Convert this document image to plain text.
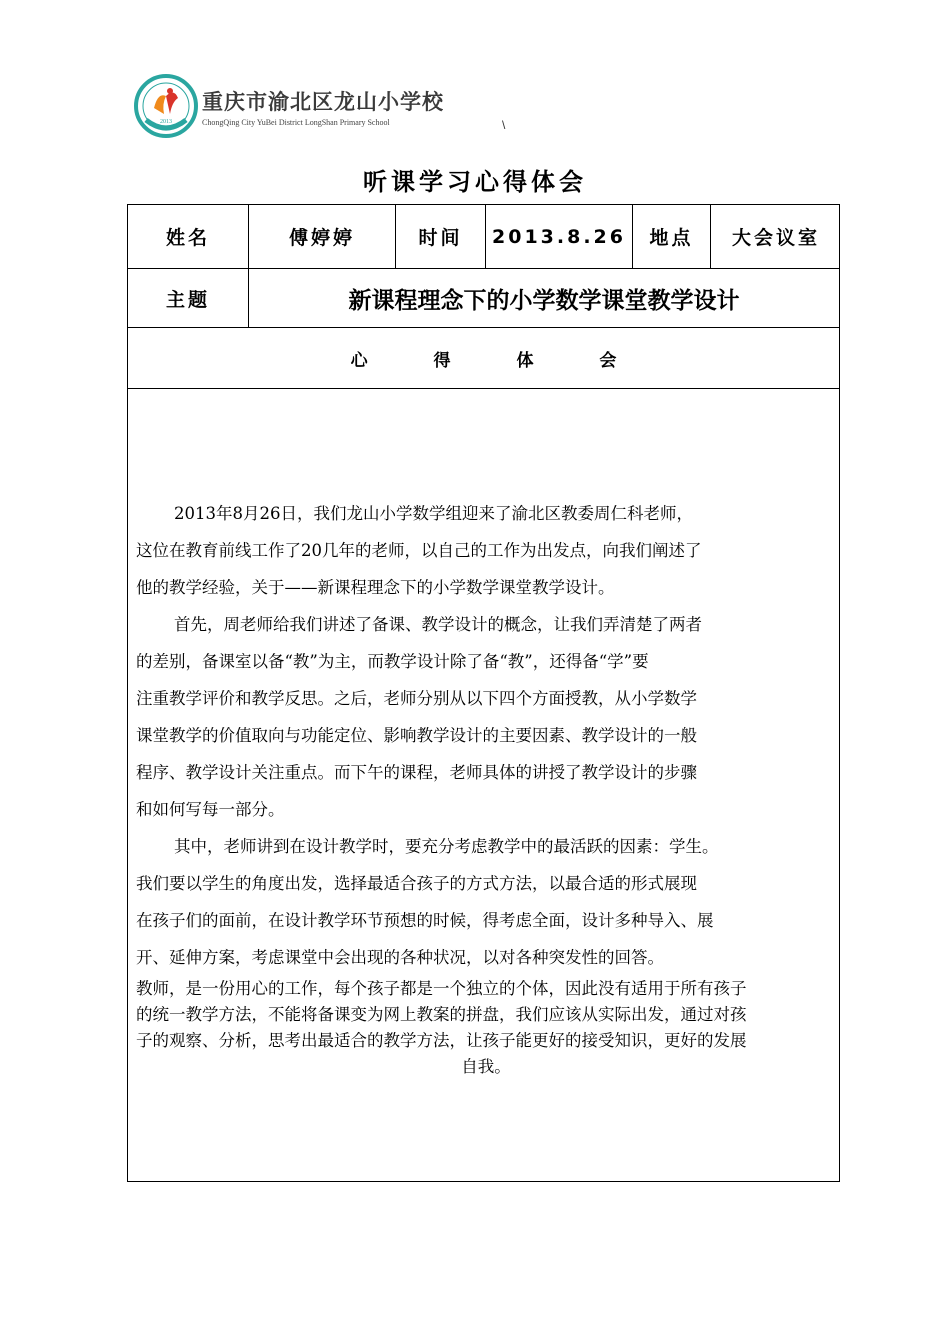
2013
重庆市渝北区龙山小学校
ChongQing City YuBei District LongShan Primary School	\
听课学习心得体会
姓名	傅婷婷	时间	2013.8.26	地点	大会议室
主题	新课程理念下的小学数学课堂教学设计
心 得 体 会
2013年8月26日，我们龙山小学数学组迎来了渝北区教委周仁科老师，
这位在教育前线工作了20几年的老师，以自己的工作为出发点，向我们阐述了
他的教学经验，关于——新课程理念下的小学数学课堂教学设计。
首先，周老师给我们讲述了备课、教学设计的概念，让我们弄清楚了两者
的差别，备课室以备“教”为主，而教学设计除了备“教”，还得备“学”要
注重教学评价和教学反思。之后，老师分别从以下四个方面授教，从小学数学
课堂教学的价值取向与功能定位、影响教学设计的主要因素、教学设计的一般
程序、教学设计关注重点。而下午的课程，老师具体的讲授了教学设计的步骤
和如何写每一部分。
其中，老师讲到在设计教学时，要充分考虑教学中的最活跃的因素：学生。
我们要以学生的角度出发，选择最适合孩子的方式方法，以最合适的形式展现
在孩子们的面前，在设计教学环节预想的时候，得考虑全面，设计多种导入、展
开、延伸方案，考虑课堂中会出现的各种状况，以对各种突发性的回答。
教师，是一份用心的工作，每个孩子都是一个独立的个体，因此没有适用于所有孩子
的统一教学方法，不能将备课变为网上教案的拼盘，我们应该从实际出发，通过对孩
子的观察、分析，思考出最适合的教学方法，让孩子能更好的接受知识，更好的发展
自我。
